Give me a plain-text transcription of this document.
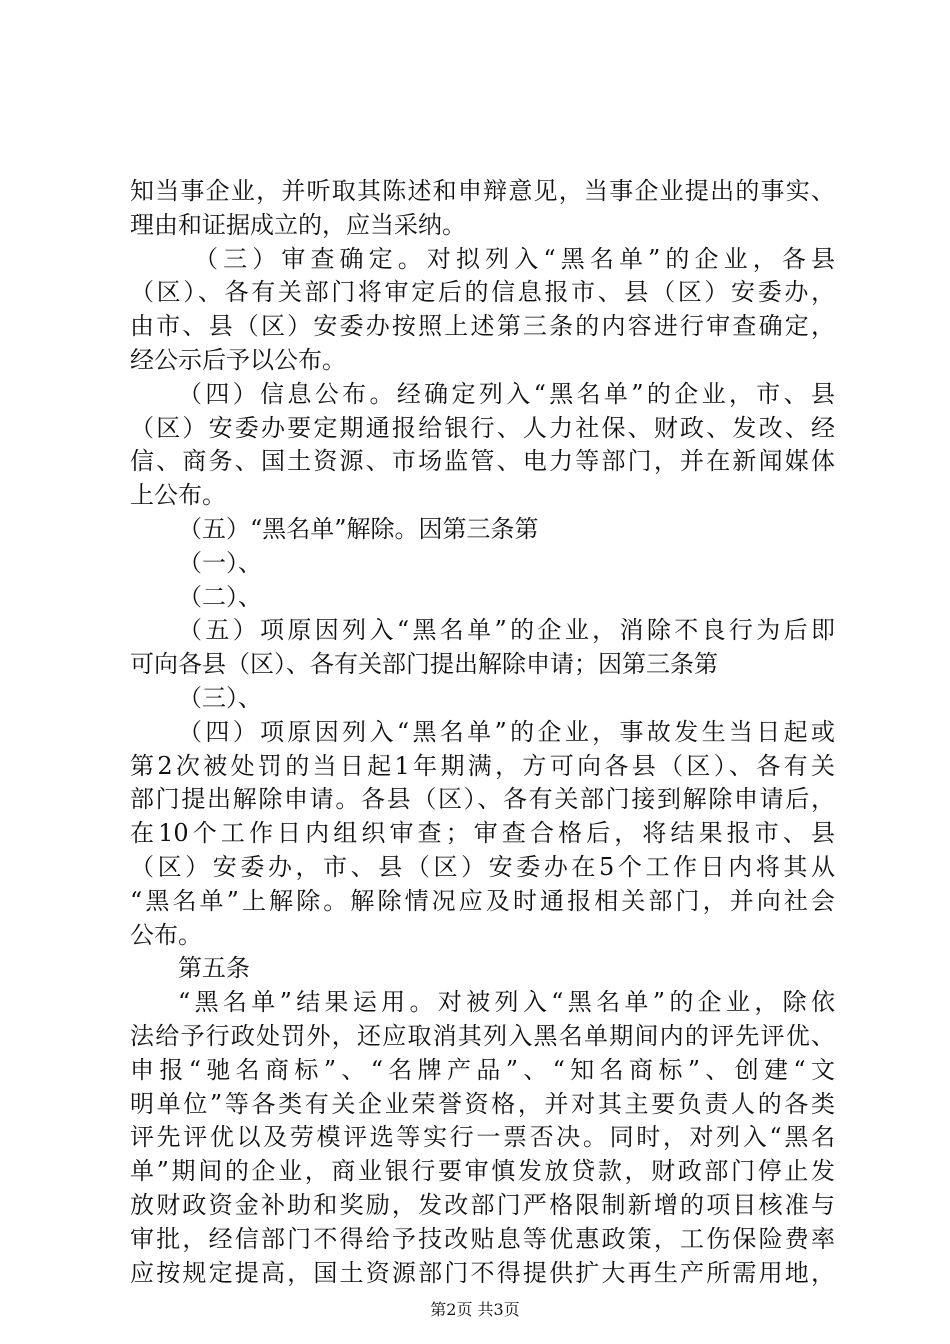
知当事企业，并听取其陈述和申辩意见，当事企业提出的事实、
理由和证据成立的，应当采纳。
（三）审查确定。对拟列入“黑名单”的企业，各县
（区）、各有关部门将审定后的信息报市、县（区）安委办，
由市、县（区）安委办按照上述第三条的内容进行审查确定，
经公示后予以公布。
（四）信息公布。经确定列入“黑名单”的企业，市、县
（区）安委办要定期通报给银行、人力社保、财政、发改、经
信、商务、国土资源、市场监管、电力等部门，并在新闻媒体
上公布。
（五）“黑名单”解除。因第三条第
（一）、
（二）、
（五）项原因列入“黑名单”的企业，消除不良行为后即
可向各县（区）、各有关部门提出解除申请；因第三条第
（三）、
（四）项原因列入“黑名单”的企业，事故发生当日起或
第2次被处罚的当日起1年期满，方可向各县（区）、各有关
部门提出解除申请。各县（区）、各有关部门接到解除申请后，
在10个工作日内组织审查；审查合格后，将结果报市、县
（区）安委办，市、县（区）安委办在5个工作日内将其从
“黑名单”上解除。解除情况应及时通报相关部门，并向社会
公布。
第五条
“黑名单”结果运用。对被列入“黑名单”的企业，除依
法给予行政处罚外，还应取消其列入黑名单期间内的评先评优、
申报“驰名商标”、“名牌产品”、“知名商标”、创建“文
明单位”等各类有关企业荣誉资格，并对其主要负责人的各类
评先评优以及劳模评选等实行一票否决。同时，对列入“黑名
单”期间的企业，商业银行要审慎发放贷款，财政部门停止发
放财政资金补助和奖励，发改部门严格限制新增的项目核准与
审批，经信部门不得给予技改贴息等优惠政策，工伤保险费率
应按规定提高，国土资源部门不得提供扩大再生产所需用地，
第2页 共3页
